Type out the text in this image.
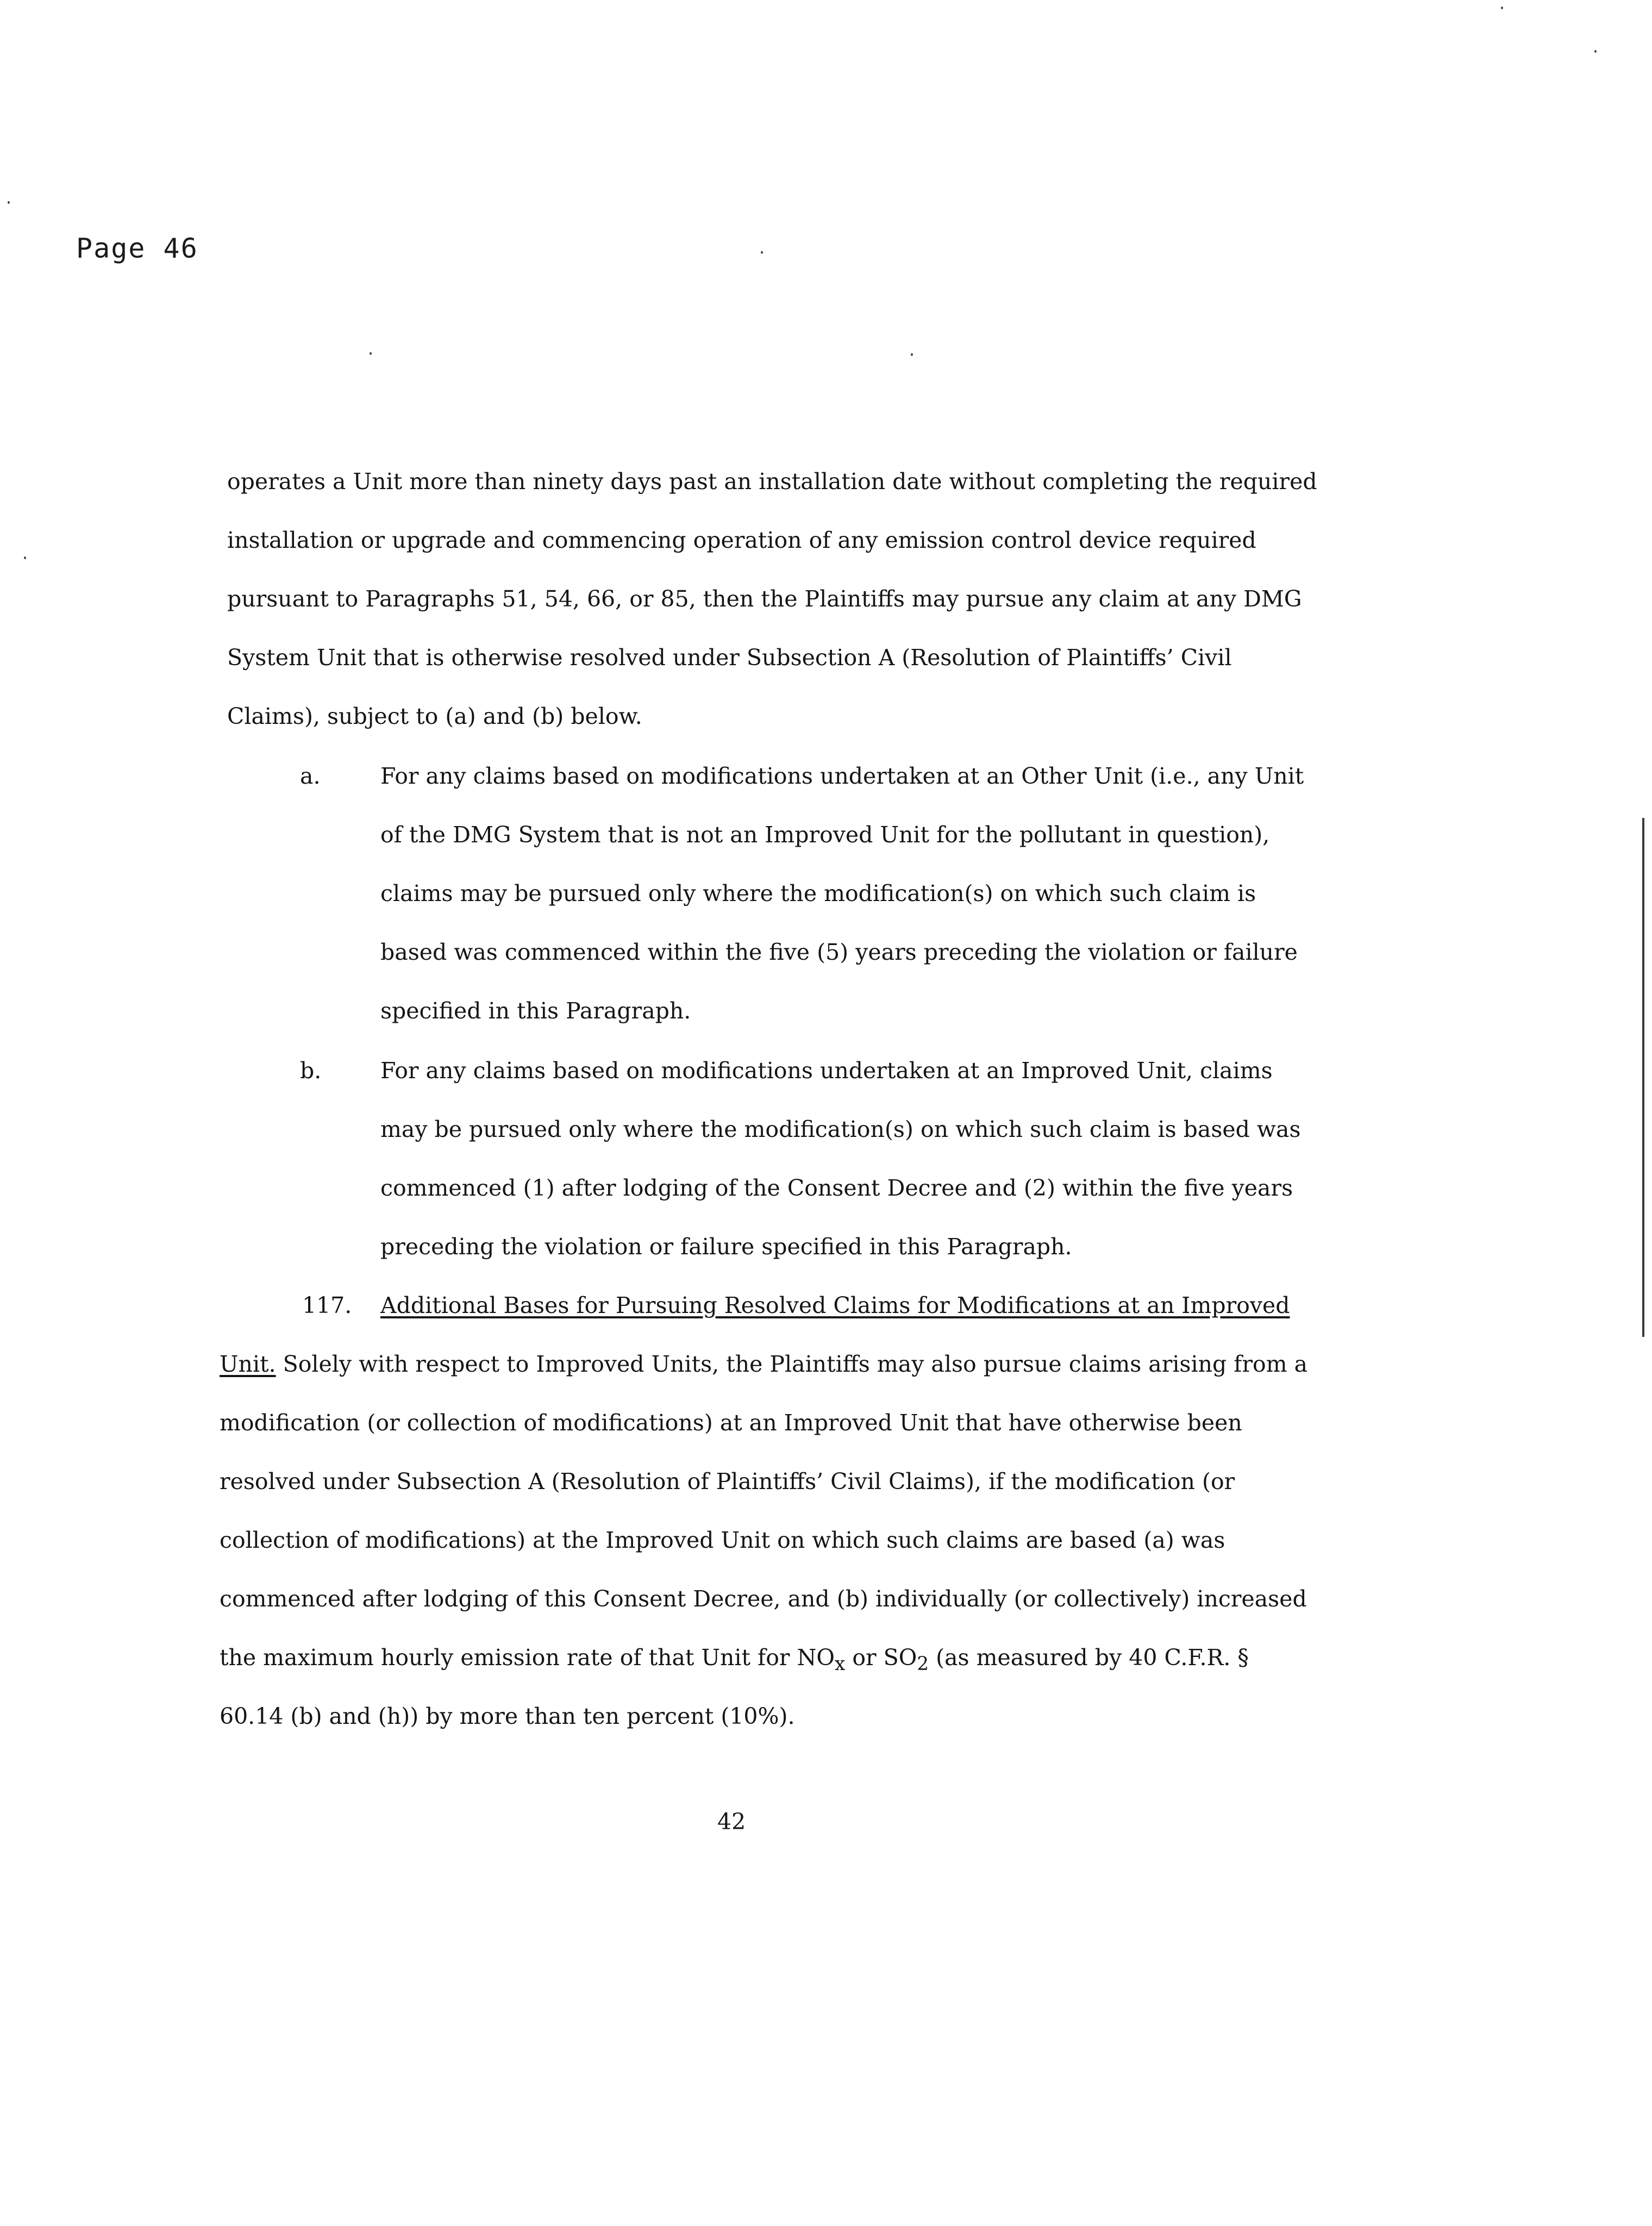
Page 46
operates a Unit more than ninety days past an installation date without completing the required
installation or upgrade and commencing operation of any emission control device required
pursuant to Paragraphs 51, 54, 66, or 85, then the Plaintiffs may pursue any claim at any DMG
System Unit that is otherwise resolved under Subsection A (Resolution of Plaintiffs’ Civil
Claims), subject to (a) and (b) below.
a.	For any claims based on modifications undertaken at an Other Unit (i.e., any Unit
of the DMG System that is not an Improved Unit for the pollutant in question),
claims may be pursued only where the modification(s) on which such claim is
based was commenced within the five (5) years preceding the violation or failure
specified in this Paragraph.
b.	For any claims based on modifications undertaken at an Improved Unit, claims
may be pursued only where the modification(s) on which such claim is based was
commenced (1) after lodging of the Consent Decree and (2) within the five years
preceding the violation or failure specified in this Paragraph.
117. Additional Bases for Pursuing Resolved Claims for Modifications at an Improved
Unit. Solely with respect to Improved Units, the Plaintiffs may also pursue claims arising from a
modification (or collection of modifications) at an Improved Unit that have otherwise been
resolved under Subsection A (Resolution of Plaintiffs’ Civil Claims), if the modification (or
collection of modifications) at the Improved Unit on which such claims are based (a) was
commenced after lodging of this Consent Decree, and (b) individually (or collectively) increased
the maximum hourly emission rate of that Unit for $NO_x$ or $SO_2$ (as measured by 40 C.F.R. §
60.14 (b) and (h)) by more than ten percent (10%).
42
